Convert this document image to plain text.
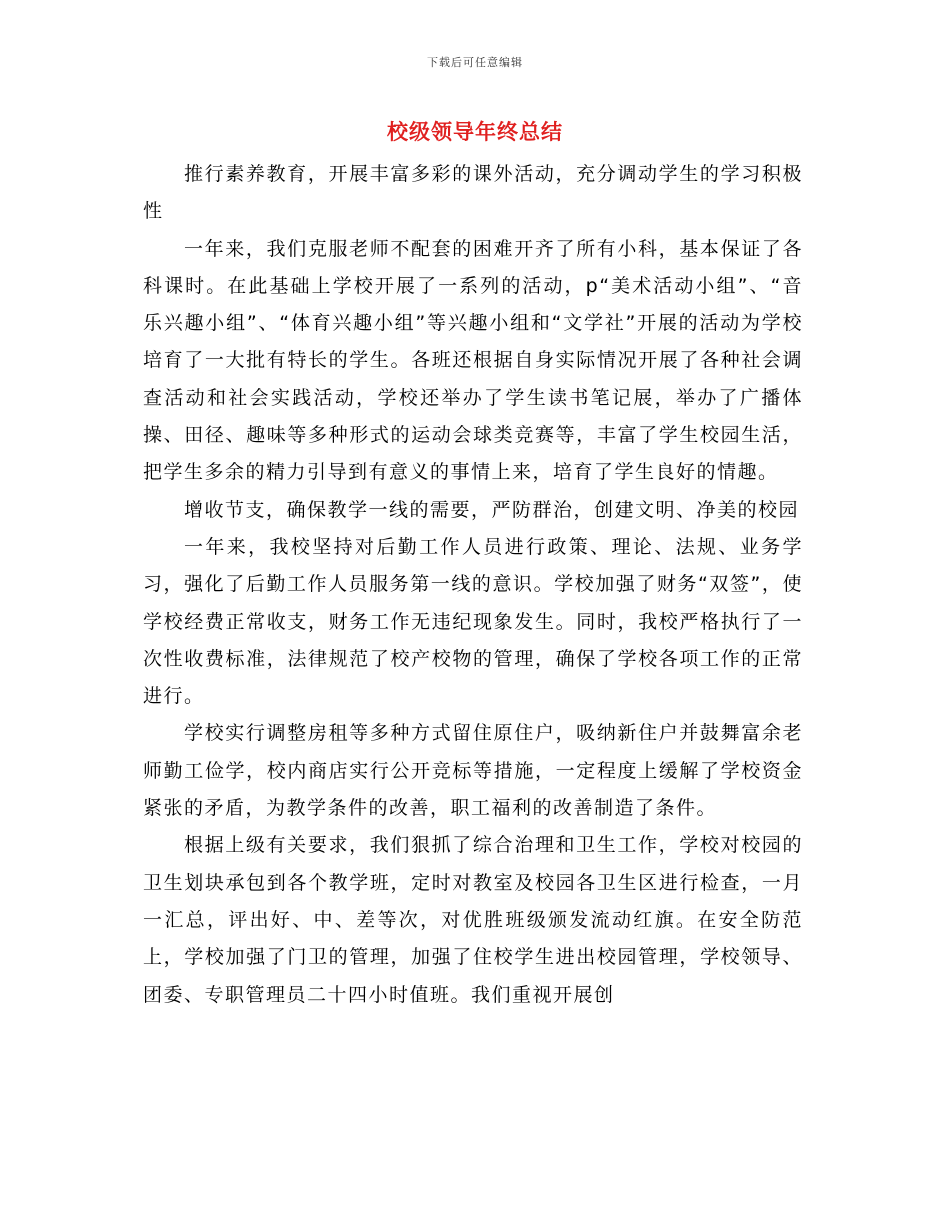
下载后可任意编辑
校级领导年终总结

推行素养教育，开展丰富多彩的课外活动，充分调动学生的学习积极性

一年来，我们克服老师不配套的困难开齐了所有小科，基本保证了各科课时。在此基础上学校开展了一系列的活动，p“美术活动小组”、“音乐兴趣小组”、“体育兴趣小组”等兴趣小组和“文学社”开展的活动为学校培育了一大批有特长的学生。各班还根据自身实际情况开展了各种社会调查活动和社会实践活动，学校还举办了学生读书笔记展，举办了广播体操、田径、趣味等多种形式的运动会球类竞赛等，丰富了学生校园生活，把学生多余的精力引导到有意义的事情上来，培育了学生良好的情趣。

增收节支，确保教学一线的需要，严防群治，创建文明、净美的校园

一年来，我校坚持对后勤工作人员进行政策、理论、法规、业务学习，强化了后勤工作人员服务第一线的意识。学校加强了财务“双签”，使学校经费正常收支，财务工作无违纪现象发生。同时，我校严格执行了一次性收费标准，法律规范了校产校物的管理，确保了学校各项工作的正常进行。

学校实行调整房租等多种方式留住原住户，吸纳新住户并鼓舞富余老师勤工俭学，校内商店实行公开竞标等措施，一定程度上缓解了学校资金紧张的矛盾，为教学条件的改善，职工福利的改善制造了条件。

根据上级有关要求，我们狠抓了综合治理和卫生工作，学校对校园的卫生划块承包到各个教学班，定时对教室及校园各卫生区进行检查，一月一汇总，评出好、中、差等次，对优胜班级颁发流动红旗。在安全防范上，学校加强了门卫的管理，加强了住校学生进出校园管理，学校领导、团委、专职管理员二十四小时值班。我们重视开展创
